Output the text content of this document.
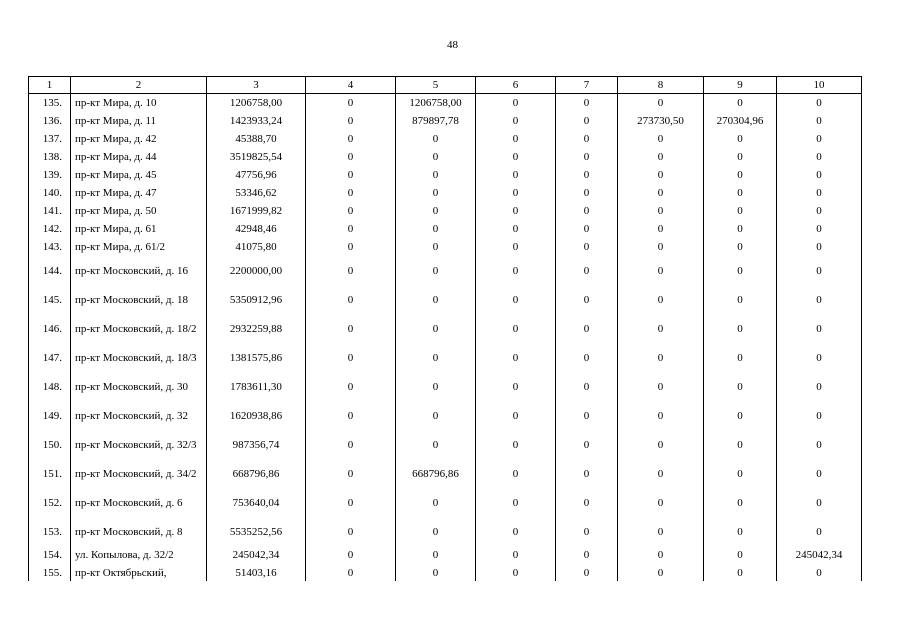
48
1	2	3	4	5	6	7	8	9	10
135.	пр-кт Мира, д. 10	1206758,00	0	1206758,00	0	0	0	0	0
136.	пр-кт Мира, д. 11	1423933,24	0	879897,78	0	0	273730,50	270304,96	0
137.	пр-кт Мира, д. 42	45388,70	0	0	0	0	0	0	0
138.	пр-кт Мира, д. 44	3519825,54	0	0	0	0	0	0	0
139.	пр-кт Мира, д. 45	47756,96	0	0	0	0	0	0	0
140.	пр-кт Мира, д. 47	53346,62	0	0	0	0	0	0	0
141.	пр-кт Мира, д. 50	1671999,82	0	0	0	0	0	0	0
142.	пр-кт Мира, д. 61	42948,46	0	0	0	0	0	0	0
143.	пр-кт Мира, д. 61/2	41075,80	0	0	0	0	0	0	0
144.	пр-кт Московский, д. 16	2200000,00	0	0	0	0	0	0	0
145.	пр-кт Московский, д. 18	5350912,96	0	0	0	0	0	0	0
146.	пр-кт Московский, д. 18/2	2932259,88	0	0	0	0	0	0	0
147.	пр-кт Московский, д. 18/3	1381575,86	0	0	0	0	0	0	0
148.	пр-кт Московский, д. 30	1783611,30	0	0	0	0	0	0	0
149.	пр-кт Московский, д. 32	1620938,86	0	0	0	0	0	0	0
150.	пр-кт Московский, д. 32/3	987356,74	0	0	0	0	0	0	0
151.	пр-кт Московский, д. 34/2	668796,86	0	668796,86	0	0	0	0	0
152.	пр-кт Московский, д. 6	753640,04	0	0	0	0	0	0	0
153.	пр-кт Московский, д. 8	5535252,56	0	0	0	0	0	0	0
154.	ул. Копылова, д. 32/2	245042,34	0	0	0	0	0	0	245042,34
155.	пр-кт Октябрьский,	51403,16	0	0	0	0	0	0	0
